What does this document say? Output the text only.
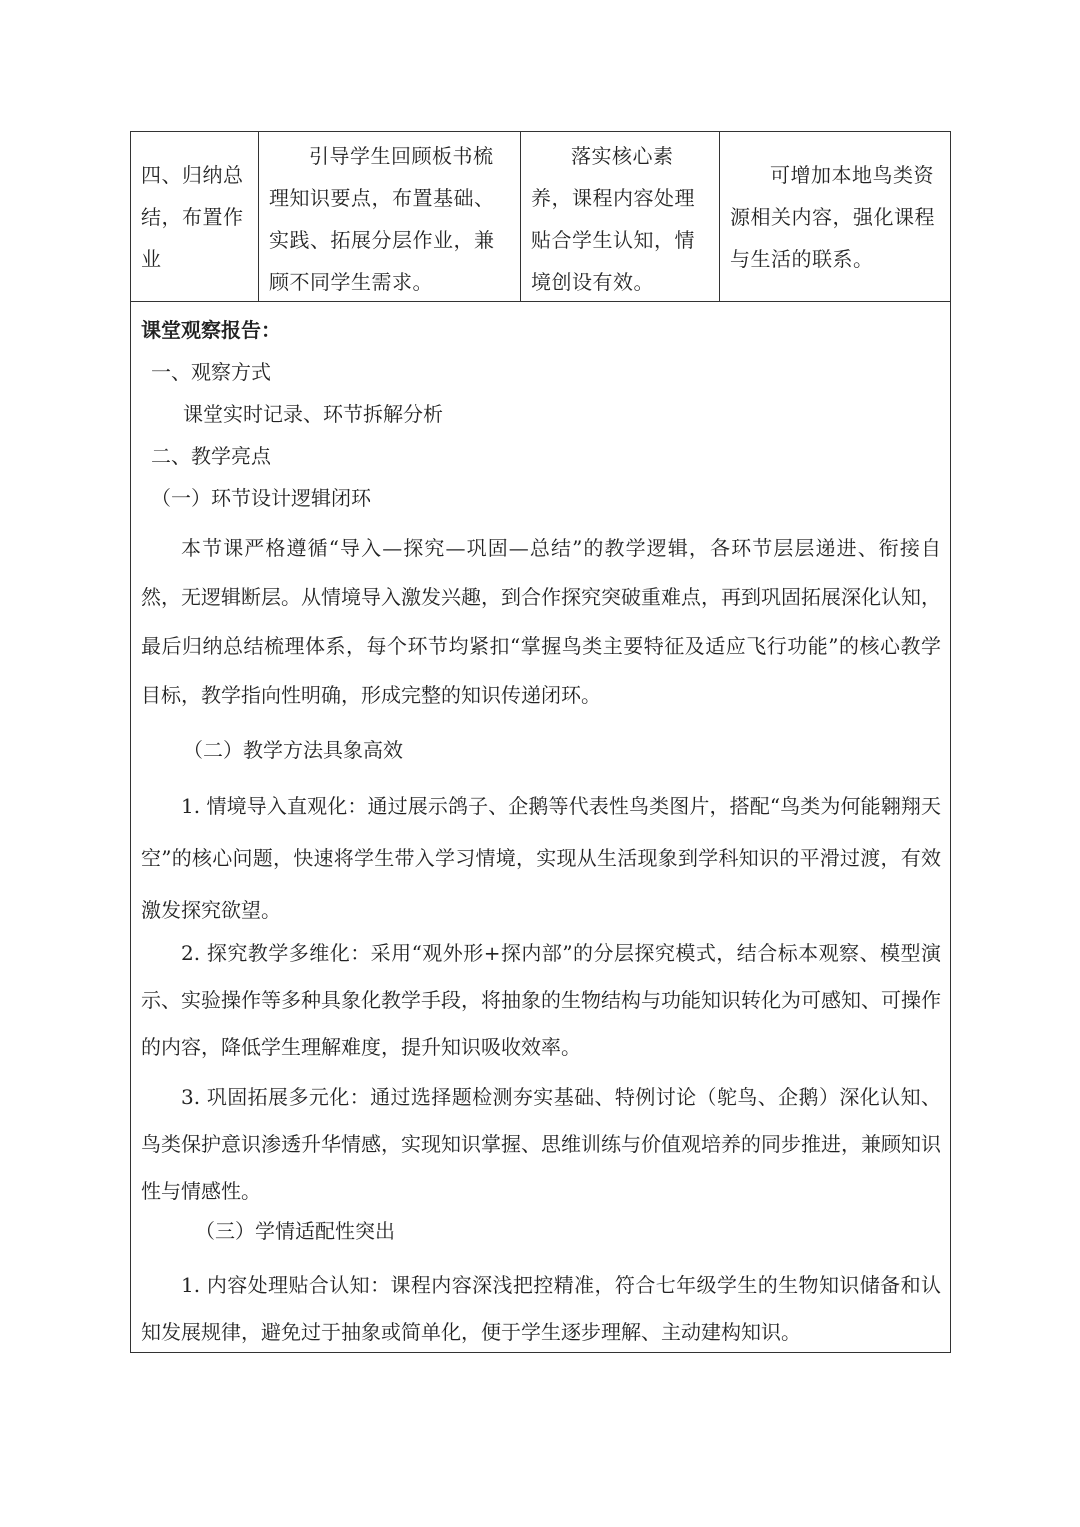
四、归纳总结，布置作业

引导学生回顾板书梳理知识要点，布置基础、实践、拓展分层作业，兼顾不同学生需求。

落实核心素养，课程内容处理贴合学生认知，情境创设有效。

可增加本地鸟类资源相关内容，强化课程与生活的联系。

课堂观察报告：
一、观察方式
课堂实时记录、环节拆解分析
二、教学亮点
（一）环节设计逻辑闭环
本节课严格遵循“导入—探究—巩固—总结”的教学逻辑，各环节层层递进、衔接自然，无逻辑断层。从情境导入激发兴趣，到合作探究突破重难点，再到巩固拓展深化认知，最后归纳总结梳理体系，每个环节均紧扣“掌握鸟类主要特征及适应飞行功能”的核心教学目标，教学指向性明确，形成完整的知识传递闭环。
（二）教学方法具象高效
1. 情境导入直观化：通过展示鸽子、企鹅等代表性鸟类图片，搭配“鸟类为何能翱翔天空”的核心问题，快速将学生带入学习情境，实现从生活现象到学科知识的平滑过渡，有效激发探究欲望。
2. 探究教学多维化：采用“观外形+探内部”的分层探究模式，结合标本观察、模型演示、实验操作等多种具象化教学手段，将抽象的生物结构与功能知识转化为可感知、可操作的内容，降低学生理解难度，提升知识吸收效率。
3. 巩固拓展多元化：通过选择题检测夯实基础、特例讨论（鸵鸟、企鹅）深化认知、鸟类保护意识渗透升华情感，实现知识掌握、思维训练与价值观培养的同步推进，兼顾知识性与情感性。
（三）学情适配性突出
1. 内容处理贴合认知：课程内容深浅把控精准，符合七年级学生的生物知识储备和认知发展规律，避免过于抽象或简单化，便于学生逐步理解、主动建构知识。
